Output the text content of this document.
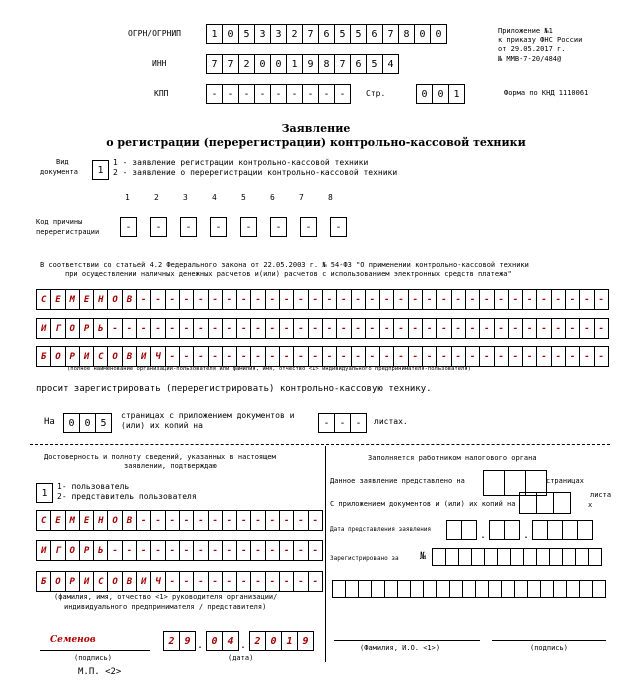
ОГРН/ОГРНИП	1 0 5 3 3 2 7 6 5 5 6 7 8 0 0
ИНН	7 7 2 0 0 1 9 8 7 6 5 4
КПП	- - - - - - - - -	Стр.	0 0 1
Приложение №1
к приказу ФНС России
от 29.05.2017 г.
№ ММВ-7-20/484@
Форма по КНД 1110061
Заявление
о регистрации (перерегистрации) контрольно-кассовой техники
Вид
документа	1
1 - заявление регистрации контрольно-кассовой техники
2 - заявление о перерегистрации контрольно-кассовой техники
1	2	3	4	5	6	7	8
Код причины
перерегистрации	-	-	-	-	-	-	-	-
В соответствии со статьей 4.2 Федерального закона от 22.05.2003 г. № 54-ФЗ "О применении контрольно-кассовой техники
при осуществлении наличных денежных расчетов и(или) расчетов с использованием электронных средств платежа"
С Е М Е Н О В - - - - - - - - - - - - - - - - - - - - - - - - - - - - - - - - -
И Г О Р Ь - - - - - - - - - - - - - - - - - - - - - - - - - - - - - - - - - - -
Б О Р И С О В И Ч - - - - - - - - - - - - - - - - - - - - - - - - - - - - - - -
(полное наименование организации-пользователя или фамилия, имя, отчество <1> индивидуального предпринимателя-пользователя)
просит зарегистрировать (перерегистрировать) контрольно-кассовую технику.
На	0 0 5
страницах с приложением документов и
(или) их копий на	- - -	листах.
Достоверность и полноту сведений, указанных в настоящем
заявлении, подтверждаю
1
1- пользователь
2- представитель пользователя
С Е М Е Н О В - - - - - - - - - - - - -
И Г О Р Ь - - - - - - - - - - - - - - -
Б О Р И С О В И Ч - - - - - - - - - - -
(фамилия, имя, отчество <1> руководителя организации/
индивидуального предпринимателя / представителя)
Семенов
(подпись)
2 9 . 0 4 . 2 0 1 9
(дата)
М.П. <2>
Заполняется работником налогового органа
Данное заявление представлено на	страницах
С приложением документов и (или) их копий на
листа
х
Дата представления заявления
.	.
Зарегистрировано за №
(Фамилия, И.О. <1>)	(подпись)
